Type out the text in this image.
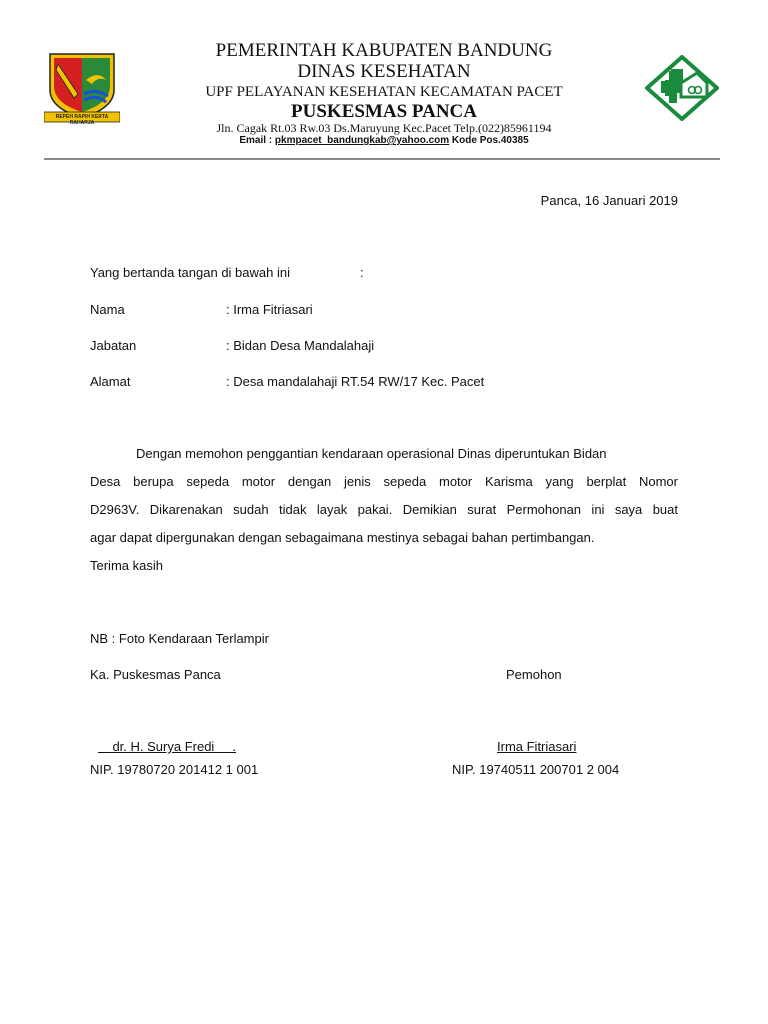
REPEH RAPIH KERTA RAHARJA
PEMERINTAH KABUPATEN BANDUNG
DINAS KESEHATAN
UPF PELAYANAN KESEHATAN KECAMATAN PACET
PUSKESMAS PANCA
Jln. Cagak Rt.03 Rw.03 Ds.Maruyung Kec.Pacet Telp.(022)85961194
Email : pkmpacet_bandungkab@yahoo.com Kode Pos.40385
Panca, 16 Januari 2019
Yang bertanda tangan di bawah ini	:
Nama	: Irma Fitriasari
Jabatan	: Bidan Desa Mandalahaji
Alamat	: Desa mandalahaji RT.54 RW/17 Kec. Pacet
Dengan memohon penggantian kendaraan operasional Dinas diperuntukan Bidan
Desa berupa sepeda motor dengan jenis sepeda motor Karisma yang berplat Nomor
D2963V. Dikarenakan sudah tidak layak pakai. Demikian surat Permohonan ini saya buat
agar dapat dipergunakan dengan sebagaimana mestinya sebagai bahan pertimbangan.
Terima kasih
NB : Foto Kendaraan Terlampir
Ka. Puskesmas Panca	Pemohon
dr. H. Surya Fredi     .	Irma Fitriasari
NIP. 19780720 201412 1 001	NIP. 19740511 200701 2 004
